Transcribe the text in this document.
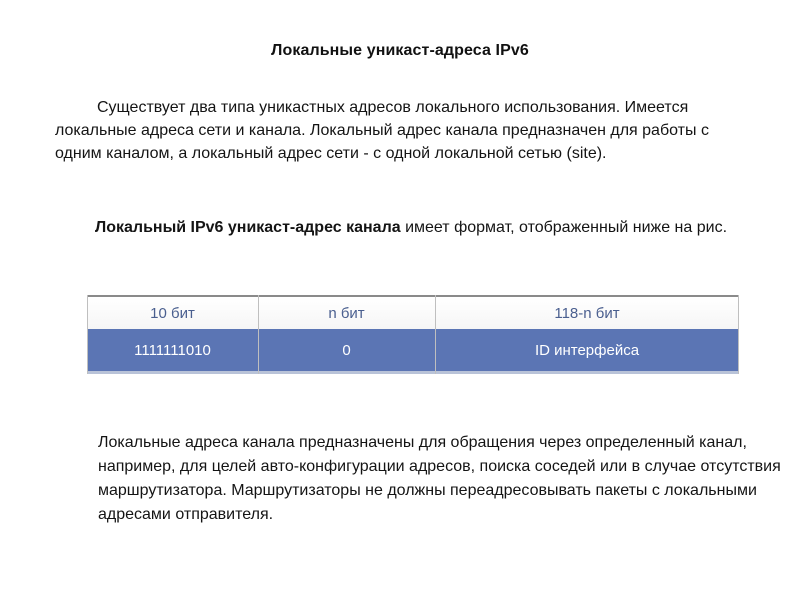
Локальные уникаст-адреса IPv6
Существует два типа уникастных адресов локального использования. Имеется локальные адреса сети и канала. Локальный адрес канала предназначен для работы с одним каналом, а локальный адрес сети - с одной локальной сетью (site).
Локальный IPv6 уникаст-адрес канала имеет формат, отображенный ниже на рис.
10 бит	n бит	118-n бит
1111111010	0	ID интерфейса
Локальные адреса канала предназначены для обращения через определенный канал, например, для целей авто-конфигурации адресов, поиска соседей или в случае отсутствия маршрутизатора. Маршрутизаторы не должны переадресовывать пакеты с локальными адресами отправителя.
